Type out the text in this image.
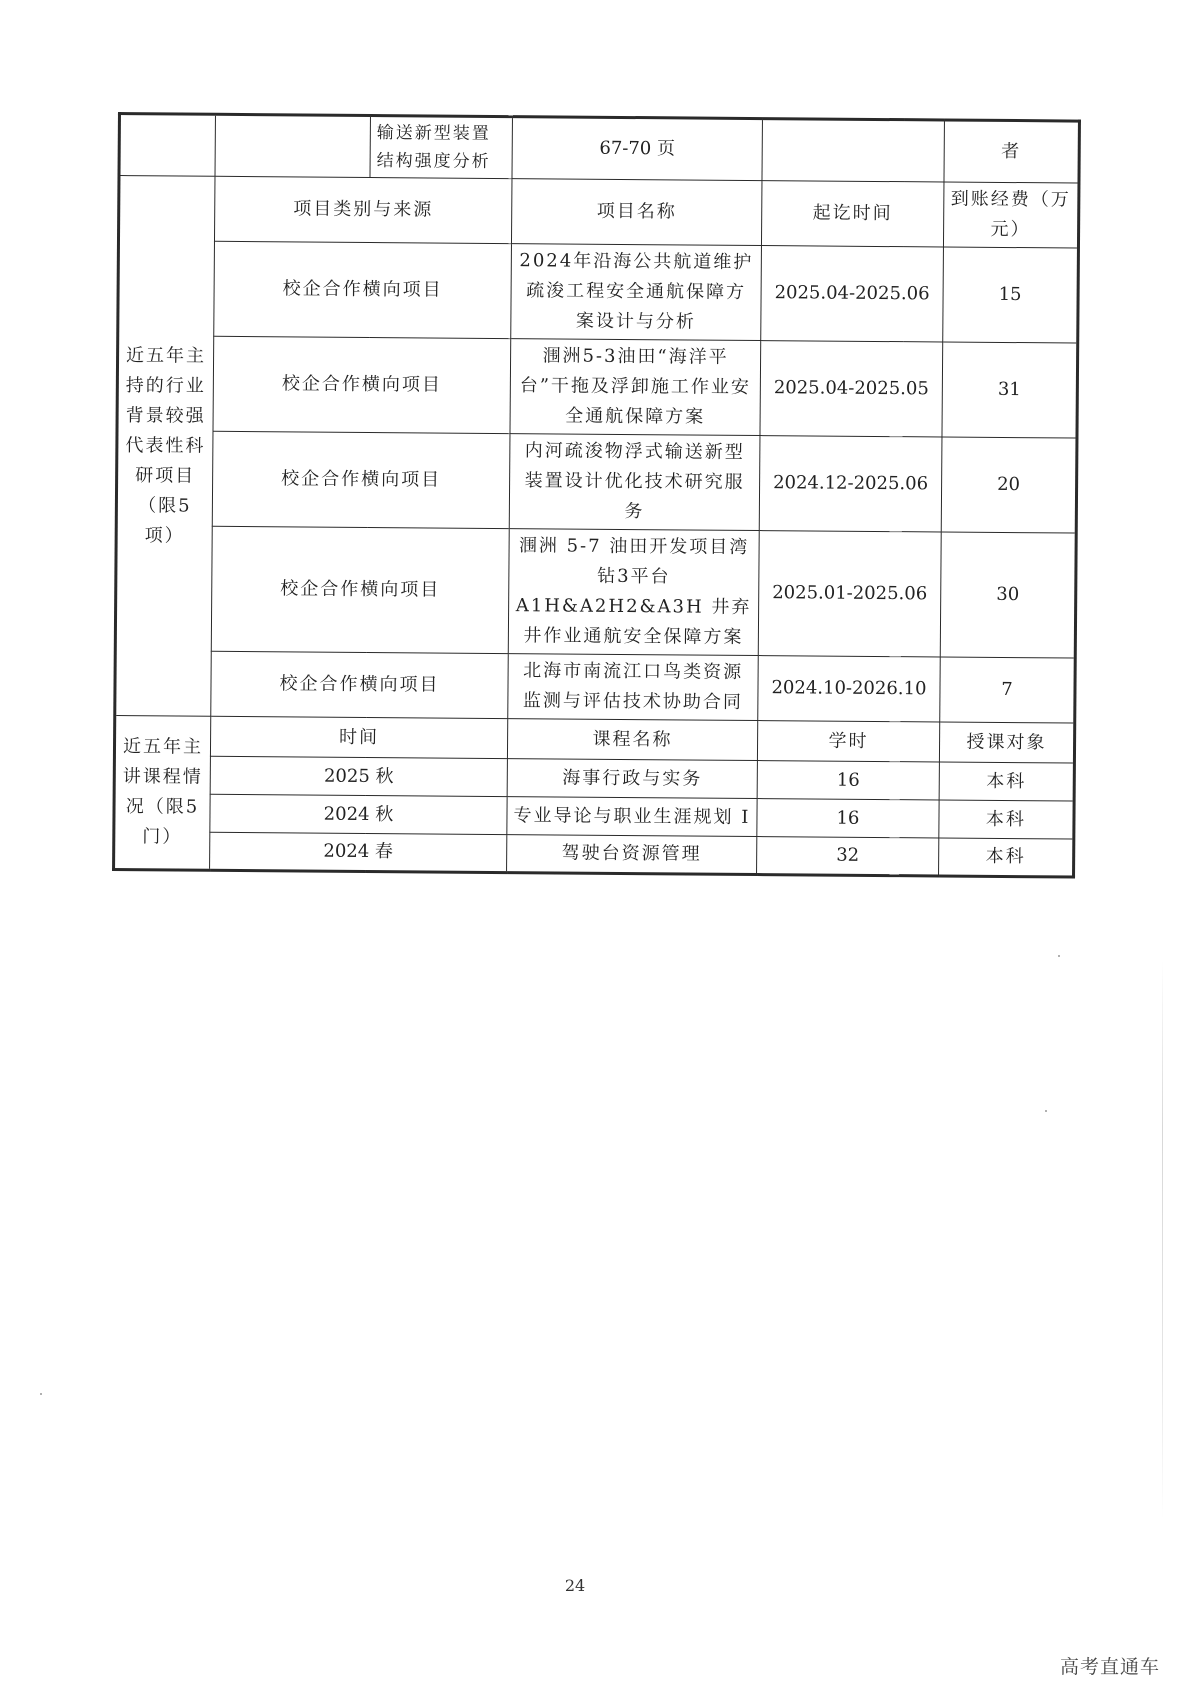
		输送新型装置结构强度分析	67-70 页		者
近五年主持的行业背景较强代表性科研项目（限5项）	项目类别与来源		项目名称	起讫时间	到账经费（万元）
	校企合作横向项目		2024年沿海公共航道维护疏浚工程安全通航保障方案设计与分析	2025.04-2025.06	15
	校企合作横向项目		涠洲5-3油田“海洋平台”干拖及浮卸施工作业安全通航保障方案	2025.04-2025.05	31
	校企合作横向项目		内河疏浚物浮式输送新型装置设计优化技术研究服务	2024.12-2025.06	20
	校企合作横向项目		涠洲 5-7 油田开发项目湾钻3平台 A1H&A2H2&A3H 井弃井作业通航安全保障方案	2025.01-2025.06	30
	校企合作横向项目		北海市南流江口鸟类资源监测与评估技术协助合同	2024.10-2026.10	7
近五年主讲课程情况（限5门）	时间		课程名称	学时	授课对象
	2025 秋		海事行政与实务	16	本科
	2024 秋		专业导论与职业生涯规划 I	16	本科
	2024 春		驾驶台资源管理	32	本科
24
高考直通车
